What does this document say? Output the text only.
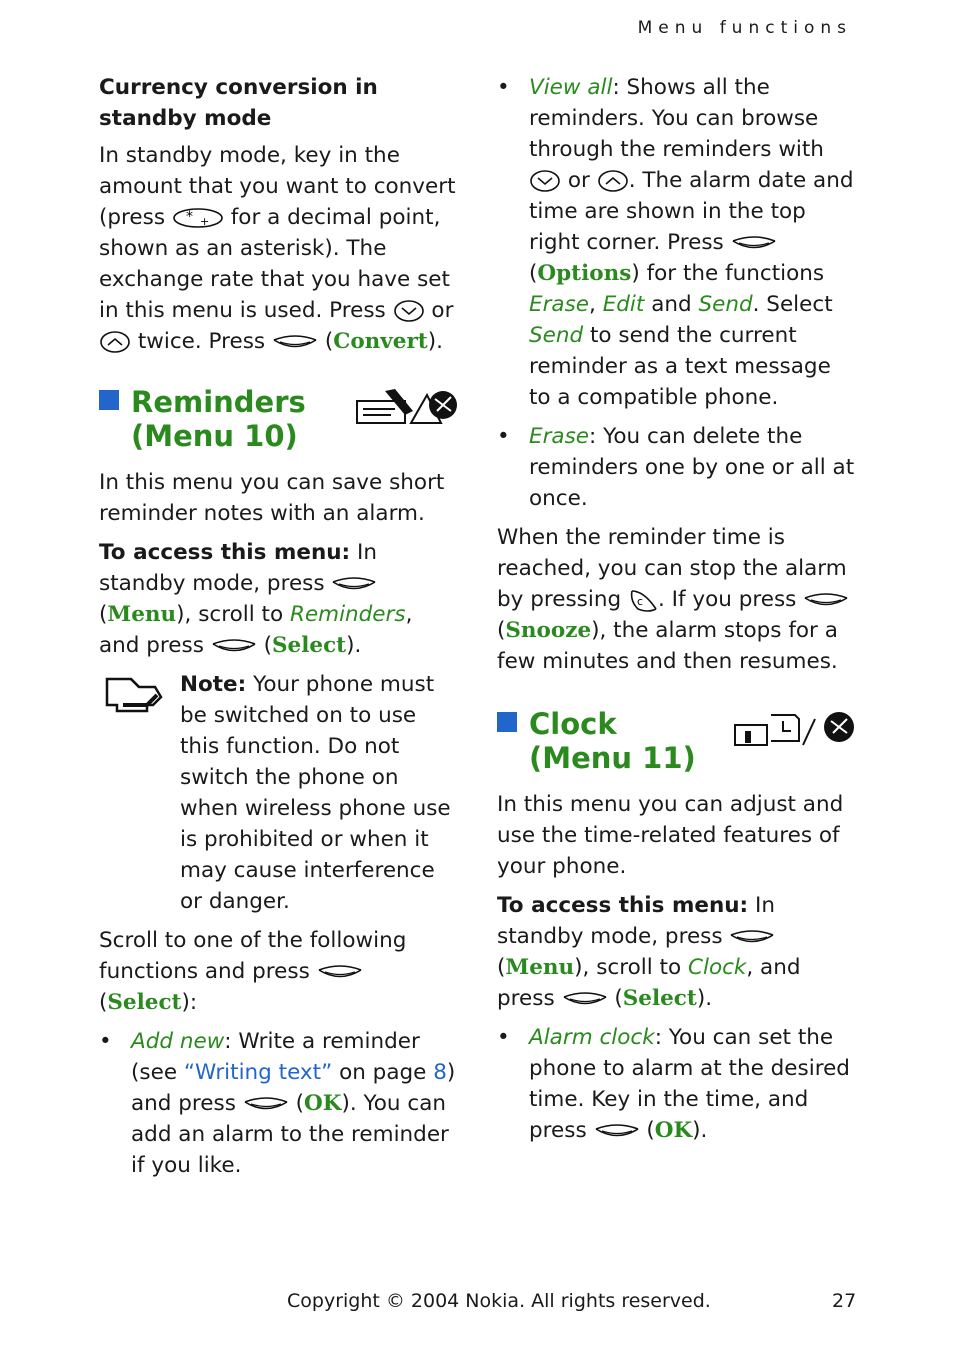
Menu functions

Currency conversion in standby mode

In standby mode, key in the amount that you want to convert (press * + for a decimal point, shown as an asterisk). The exchange rate that you have set in this menu is used. Press or  twice. Press  (Convert).

Reminders
(Menu 10)

In this menu you can save short reminder notes with an alarm.

To access this menu: In standby mode, press  (Menu), scroll to Reminders, and press  (Select).

Note: Your phone must be switched on to use this function. Do not switch the phone on when wireless phone use is prohibited or when it may cause interference or danger.

Scroll to one of the following functions and press  (Select):

• Add new: Write a reminder (see “Writing text” on page 8) and press  (OK). You can add an alarm to the reminder if you like.
• View all: Shows all the reminders. You can browse through the reminders with  or . The alarm date and time are shown in the top right corner. Press  (Options) for the functions Erase, Edit and Send. Select Send to send the current reminder as a text message to a compatible phone.
• Erase: You can delete the reminders one by one or all at once.

When the reminder time is reached, you can stop the alarm by pressing c . If you press  (Snooze), the alarm stops for a few minutes and then resumes.

Clock
(Menu 11)

In this menu you can adjust and use the time-related features of your phone.

To access this menu: In standby mode, press  (Menu), scroll to Clock, and press  (Select).

• Alarm clock: You can set the phone to alarm at the desired time. Key in the time, and press  (OK).
Copyright © 2004 Nokia. All rights reserved.	27
